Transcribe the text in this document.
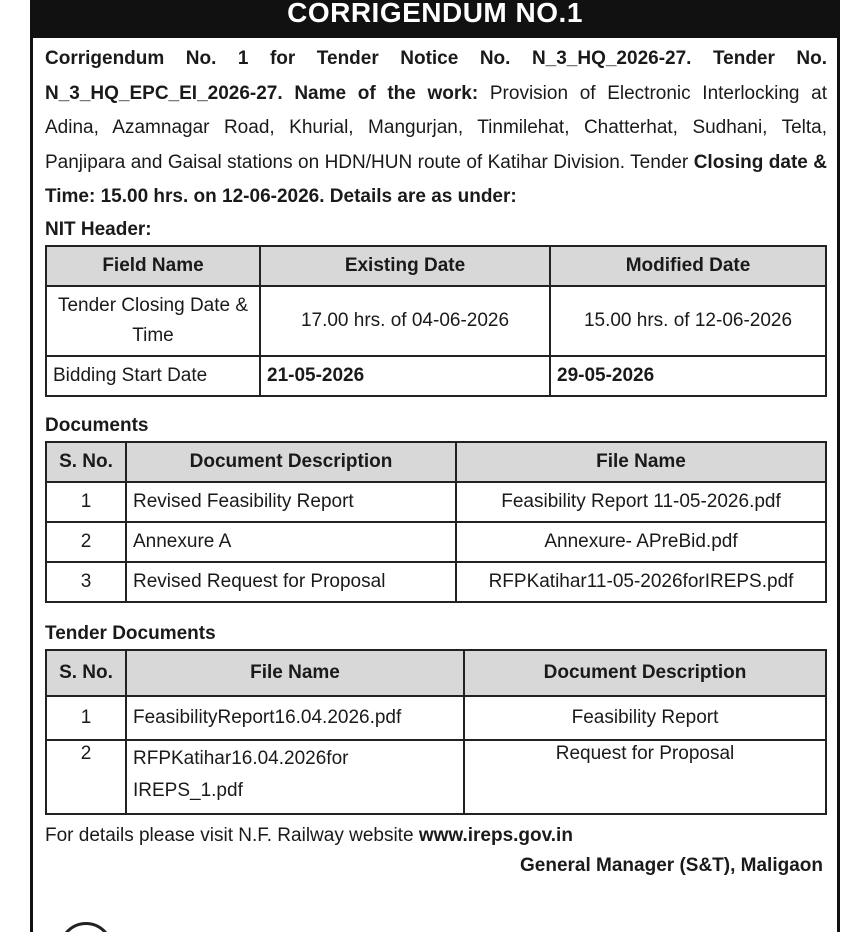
CORRIGENDUM NO.1

Corrigendum No. 1 for Tender Notice No. N_3_HQ_2026-27. Tender No. N_3_HQ_EPC_EI_2026-27. Name of the work: Provision of Electronic Interlocking at Adina, Azamnagar Road, Khurial, Mangurjan, Tinmilehat, Chatterhat, Sudhani, Telta, Panjipara and Gaisal stations on HDN/HUN route of Katihar Division. Tender Closing date & Time: 15.00 hrs. on 12-06-2026. Details are as under:

NIT Header:

Field Name	Existing Date	Modified Date
Tender Closing Date & Time	17.00 hrs. of 04-06-2026	15.00 hrs. of 12-06-2026
Bidding Start Date	21-05-2026	29-05-2026

Documents

S. No.	Document Description	File Name
1	Revised Feasibility Report	Feasibility Report 11-05-2026.pdf
2	Annexure A	Annexure- APreBid.pdf
3	Revised Request for Proposal	RFPKatihar11-05-2026forIREPS.pdf

Tender Documents

S. No.	File Name	Document Description
1	FeasibilityReport16.04.2026.pdf	Feasibility Report
2	RFPKatihar16.04.2026for IREPS_1.pdf	Request for Proposal
For details please visit N.F. Railway website www.ireps.gov.in
General Manager (S&T), Maligaon
